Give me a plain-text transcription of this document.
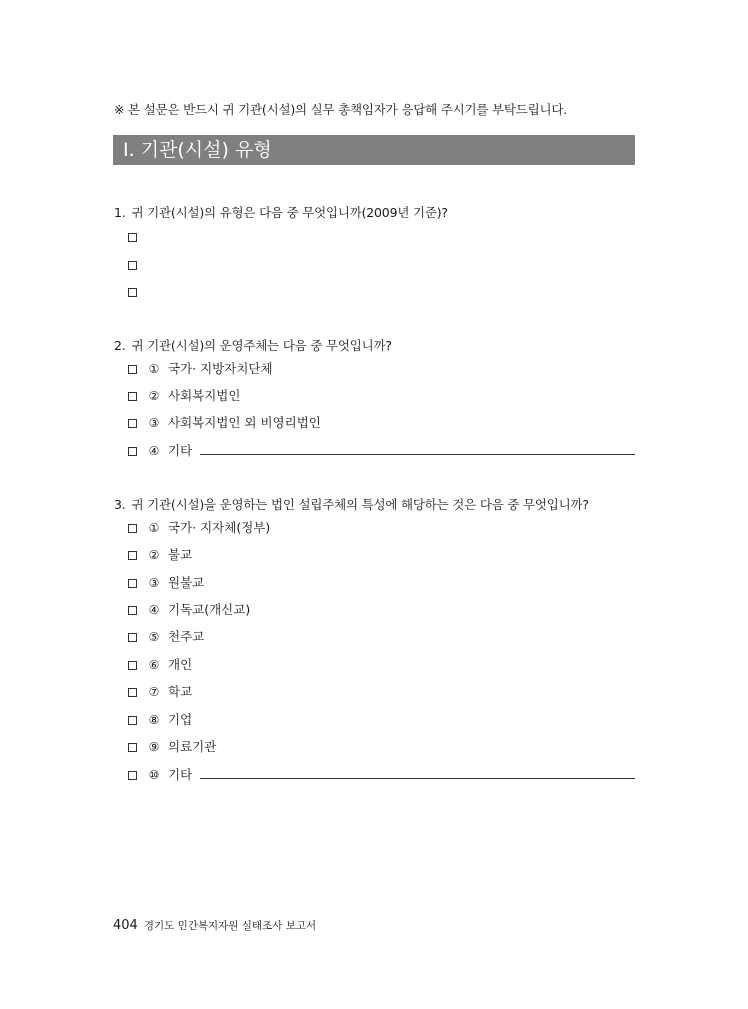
※ 본 설문은 반드시 귀 기관(시설)의 실무 총책임자가 응답해 주시기를 부탁드립니다.
Ⅰ. 기관(시설) 유형
1. 귀 기관(시설)의 유형은 다음 중 무엇입니까(2009년 기준)?
2. 귀 기관(시설)의 운영주체는 다음 중 무엇입니까?
① 국가· 지방자치단체
② 사회복지법인
③ 사회복지법인 외 비영리법인
④ 기타
3. 귀 기관(시설)을 운영하는 법인 설립주체의 특성에 해당하는 것은 다음 중 무엇입니까?
① 국가· 지자체(정부)
② 불교
③ 원불교
④ 기독교(개신교)
⑤ 천주교
⑥ 개인
⑦ 학교
⑧ 기업
⑨ 의료기관
⑩ 기타
404 경기도 민간복지자원 실태조사 보고서
